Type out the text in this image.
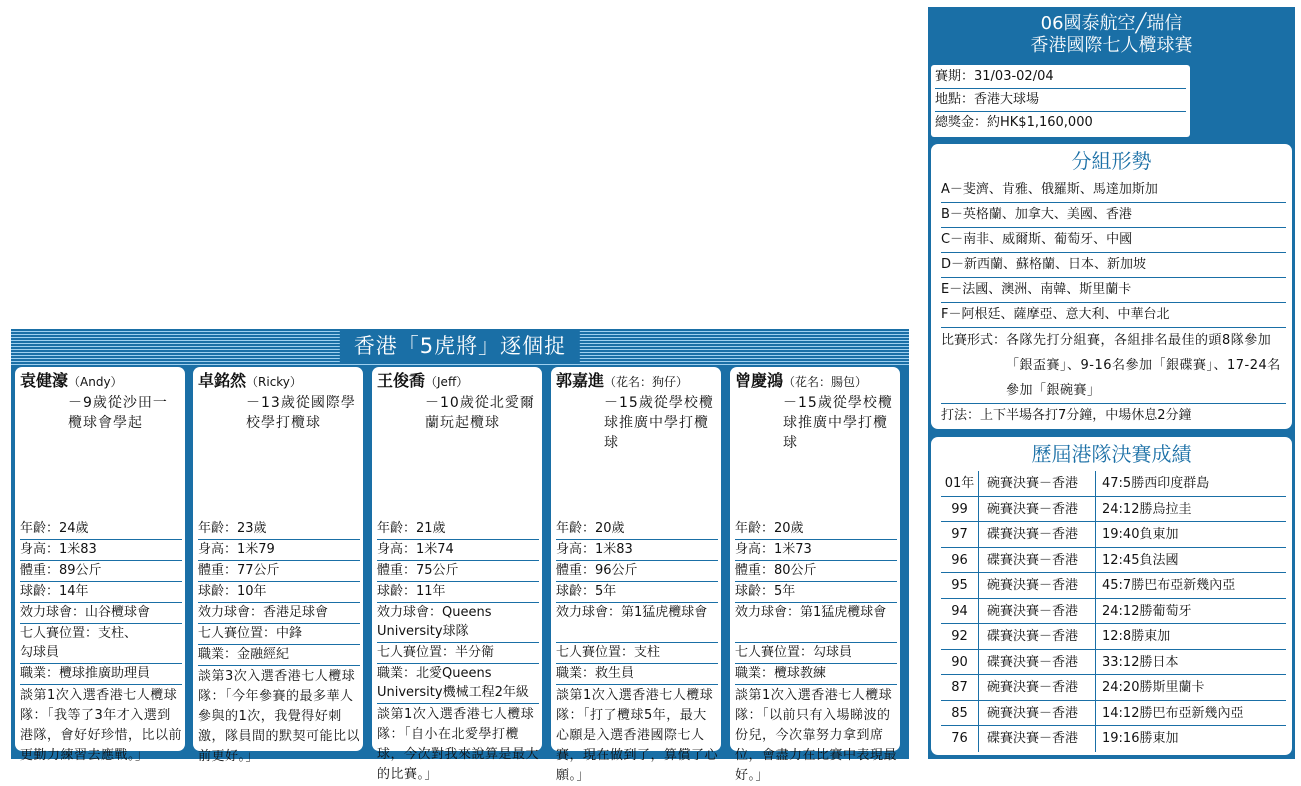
香港「5虎將」逐個捉
袁健濠（Andy）
－9歲從沙田一欖球會學起
年齡：24歲
身高：1米83
體重：89公斤
球齡：14年
效力球會：山谷欖球會
七人賽位置：支柱、　　　勾球員
職業：欖球推廣助理員
談第1次入選香港七人欖球隊：「我等了3年才入選到港隊，會好好珍惜，比以前更勤力練習去應戰。」
卓銘然（Ricky）
－13歲從國際學校學打欖球
年齡：23歲
身高：1米79
體重：77公斤
球齡：10年
效力球會：香港足球會
七人賽位置：中鋒
職業：金融經紀
談第3次入選香港七人欖球隊：「今年參賽的最多華人參與的1次，我覺得好刺激，隊員間的默契可能比以前更好。」
王俊喬（Jeff）
－10歲從北愛爾蘭玩起欖球
年齡：21歲
身高：1米74
體重：75公斤
球齡：11年
效力球會：Queens University球隊
七人賽位置：半分衛
職業：北愛Queens University機械工程2年級
談第1次入選香港七人欖球隊：「自小在北愛學打欖球，今次對我來說算是最大的比賽。」
郭嘉進（花名：狗仔）
－15歲從學校欖球推廣中學打欖球
年齡：20歲
身高：1米83
體重：96公斤
球齡：5年
效力球會：第1猛虎欖球會
七人賽位置：支柱
職業：救生員
談第1次入選香港七人欖球隊：「打了欖球5年，最大心願是入選香港國際七人賽，現在做到了，算償了心願。」
曾慶鴻（花名：腸包）
－15歲從學校欖球推廣中學打欖球
年齡：20歲
身高：1米73
體重：80公斤
球齡：5年
效力球會：第1猛虎欖球會
七人賽位置：勾球員
職業：欖球教練
談第1次入選香港七人欖球隊：「以前只有入場睇波的份兒，今次靠努力拿到席位，會盡力在比賽中表現最好。」
06國泰航空╱瑞信
香港國際七人欖球賽
賽期：31/03-02/04
地點：香港大球場
總獎金：約HK$1,160,000
分組形勢
A－斐濟、肯雅、俄羅斯、馬達加斯加
B－英格蘭、加拿大、美國、香港
C－南非、威爾斯、葡萄牙、中國
D－新西蘭、蘇格蘭、日本、新加坡
E－法國、澳洲、南韓、斯里蘭卡
F－阿根廷、薩摩亞、意大利、中華台北
比賽形式： 各隊先打分組賽，各組排名最佳的頭8隊參加「銀盃賽」、9-16名參加「銀碟賽」、17-24名參加「銀碗賽」
打法：上下半場各打7分鐘，中場休息2分鐘
歷屆港隊決賽成績
01年 碗賽決賽－香港	47:5勝西印度群島
99	碗賽決賽－香港	24:12勝烏拉圭
97	碟賽決賽－香港	19:40負東加
96	碟賽決賽－香港	12:45負法國
95	碗賽決賽－香港	45:7勝巴布亞新幾內亞
94	碗賽決賽－香港	24:12勝葡萄牙
92	碟賽決賽－香港	12:8勝東加
90	碟賽決賽－香港	33:12勝日本
87	碗賽決賽－香港	24:20勝斯里蘭卡
85	碗賽決賽－香港	14:12勝巴布亞新幾內亞
76	碟賽決賽－香港	19:16勝東加
